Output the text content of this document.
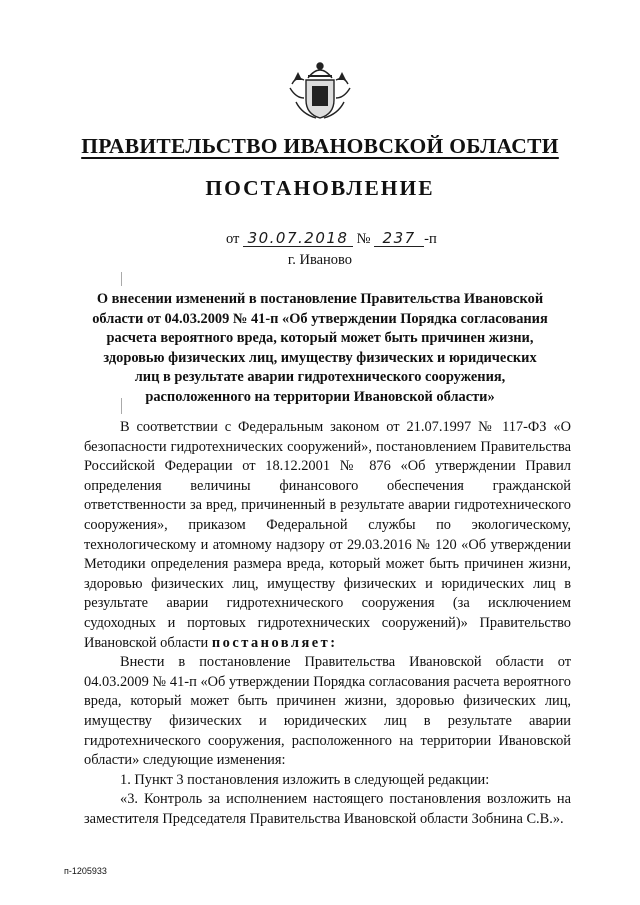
ПРАВИТЕЛЬСТВО ИВАНОВСКОЙ ОБЛАСТИ
ПОСТАНОВЛЕНИЕ
от 30.07.2018 № 237 -п
г. Иваново
О внесении изменений в постановление Правительства Ивановской области от 04.03.2009 № 41-п «Об утверждении Порядка согласования расчета вероятного вреда, который может быть причинен жизни, здоровью физических лиц, имуществу физических и юридических лиц в результате аварии гидротехнического сооружения, расположенного на территории Ивановской области»

В соответствии с Федеральным законом от 21.07.1997 № 117-ФЗ «О безопасности гидротехнических сооружений», постановлением Правительства Российской Федерации от 18.12.2001 № 876 «Об утверждении Правил определения величины финансового обеспечения гражданской ответственности за вред, причиненный в результате аварии гидротехнического сооружения», приказом Федеральной службы по экологическому, технологическому и атомному надзору от 29.03.2016 № 120 «Об утверждении Методики определения размера вреда, который может быть причинен жизни, здоровью физических лиц, имуществу физических и юридических лиц в результате аварии гидротехнического сооружения (за исключением судоходных и портовых гидротехнических сооружений)» Правительство Ивановской области постановляет:

Внести в постановление Правительства Ивановской области от 04.03.2009 № 41-п «Об утверждении Порядка согласования расчета вероятного вреда, который может быть причинен жизни, здоровью физических лиц, имуществу физических и юридических лиц в результате аварии гидротехнического сооружения, расположенного на территории Ивановской области» следующие изменения:

1. Пункт 3 постановления изложить в следующей редакции:

«3. Контроль за исполнением настоящего постановления возложить на заместителя Председателя Правительства Ивановской области Зобнина С.В.».

п-1205933
